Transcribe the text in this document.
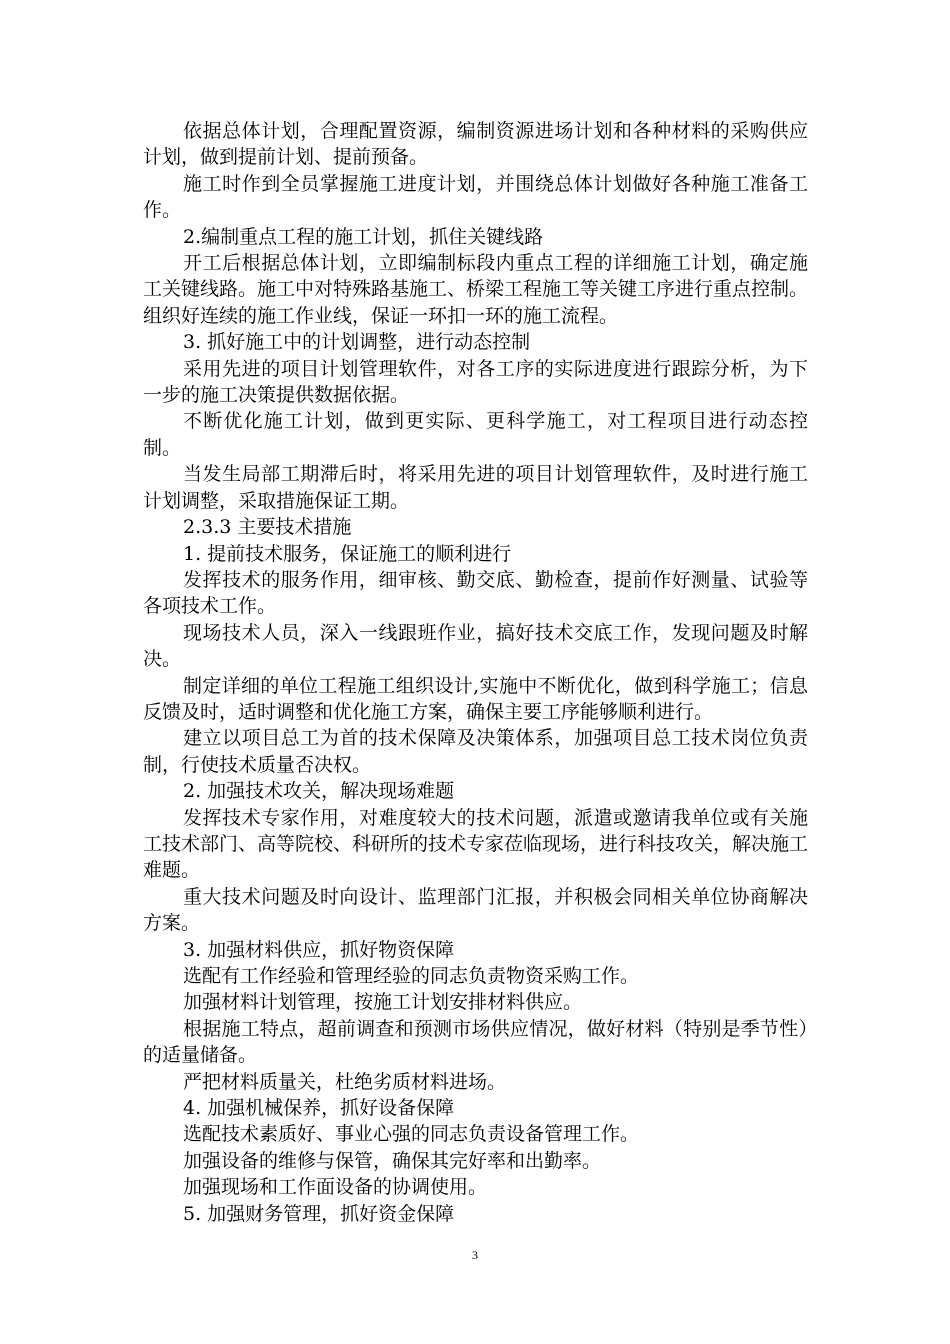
依据总体计划，合理配置资源，编制资源进场计划和各种材料的采购供应计划，做到提前计划、提前预备。

施工时作到全员掌握施工进度计划，并围绕总体计划做好各种施工准备工作。

2.编制重点工程的施工计划，抓住关键线路

开工后根据总体计划，立即编制标段内重点工程的详细施工计划，确定施工关键线路。施工中对特殊路基施工、桥梁工程施工等关键工序进行重点控制。组织好连续的施工作业线，保证一环扣一环的施工流程。

3. 抓好施工中的计划调整，进行动态控制

采用先进的项目计划管理软件，对各工序的实际进度进行跟踪分析，为下一步的施工决策提供数据依据。

不断优化施工计划，做到更实际、更科学施工，对工程项目进行动态控制。

当发生局部工期滞后时，将采用先进的项目计划管理软件，及时进行施工计划调整，采取措施保证工期。

2.3.3 主要技术措施

1. 提前技术服务，保证施工的顺利进行

发挥技术的服务作用，细审核、勤交底、勤检查，提前作好测量、试验等各项技术工作。

现场技术人员，深入一线跟班作业，搞好技术交底工作，发现问题及时解决。

制定详细的单位工程施工组织设计,实施中不断优化，做到科学施工；信息反馈及时，适时调整和优化施工方案，确保主要工序能够顺利进行。

建立以项目总工为首的技术保障及决策体系，加强项目总工技术岗位负责制，行使技术质量否决权。

2. 加强技术攻关，解决现场难题

发挥技术专家作用，对难度较大的技术问题，派遣或邀请我单位或有关施工技术部门、高等院校、科研所的技术专家莅临现场，进行科技攻关，解决施工难题。

重大技术问题及时向设计、监理部门汇报，并积极会同相关单位协商解决方案。

3. 加强材料供应，抓好物资保障

选配有工作经验和管理经验的同志负责物资采购工作。

加强材料计划管理，按施工计划安排材料供应。

根据施工特点，超前调查和预测市场供应情况，做好材料（特别是季节性）的适量储备。

严把材料质量关，杜绝劣质材料进场。

4. 加强机械保养，抓好设备保障

选配技术素质好、事业心强的同志负责设备管理工作。

加强设备的维修与保管，确保其完好率和出勤率。

加强现场和工作面设备的协调使用。

5. 加强财务管理，抓好资金保障

3
